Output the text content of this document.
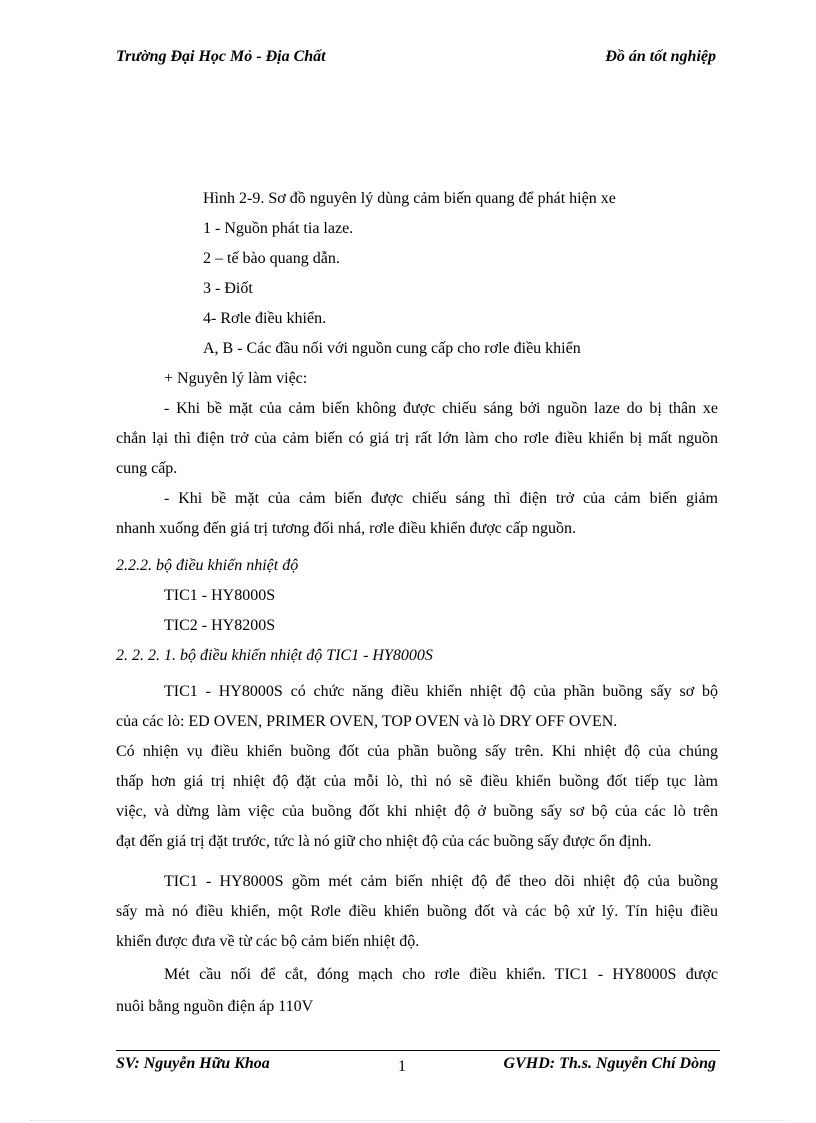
Trường Đại Học Mỏ - Địa Chất	Đồ án tốt nghiệp
Hình 2-9. Sơ đồ nguyên lý dùng cảm biến quang để phát hiện xe
1 - Nguồn phát tia laze.
2 – tế bào quang dẫn.
3 - Điốt
4- Rơle điều khiển.
A, B - Các đầu nối với nguồn cung cấp cho rơle điều khiển
+ Nguyên lý làm việc:
- Khi bề mặt của cảm biến không được chiếu sáng bởi nguồn laze do bị thân xe
chắn lại thì điện trở của cảm biến có giá trị rất lớn làm cho rơle điều khiển bị mất nguồn
cung cấp.
- Khi bề mặt của cảm biến được chiếu sáng thì điện trở của cảm biến giảm
nhanh xuống đến giá trị tương đối nhá, rơle điều khiển được cấp nguồn.
2.2.2. bộ điều khiển nhiệt độ
TIC1 - HY8000S
TIC2 - HY8200S
2. 2. 2. 1. bộ điều khiển nhiệt độ TIC1 - HY8000S
TIC1 - HY8000S có chức năng điều khiển nhiệt độ của phần buồng sấy sơ bộ
của các lò: ED OVEN, PRIMER OVEN, TOP OVEN và lò DRY OFF OVEN.
Có nhiện vụ điều khiển buồng đốt của phần buồng sấy trên. Khi nhiệt độ của chúng
thấp hơn giá trị nhiệt độ đặt của mỗi lò, thì nó sẽ điều khiển buồng đốt tiếp tục làm
việc, và dừng làm việc của buồng đốt khi nhiệt độ ở buồng sấy sơ bộ của các lò trên
đạt đến giá trị đặt trước, tức là nó giữ cho nhiệt độ của các buồng sấy được ổn định.
TIC1 - HY8000S gồm mét cảm biến nhiệt độ để theo dõi nhiệt độ của buồng
sấy mà nó điều khiển, một Rơle điều khiển buồng đốt và các bộ xử lý. Tín hiệu điều
khiển được đưa về từ các bộ cảm biến nhiệt độ.
Mét cầu nối để cắt, đóng mạch cho rơle điều khiển. TIC1 - HY8000S được
nuôi bằng nguồn điện áp 110V
SV: Nguyễn Hữu Khoa	1	GVHD: Th.s. Nguyễn Chí Dòng
